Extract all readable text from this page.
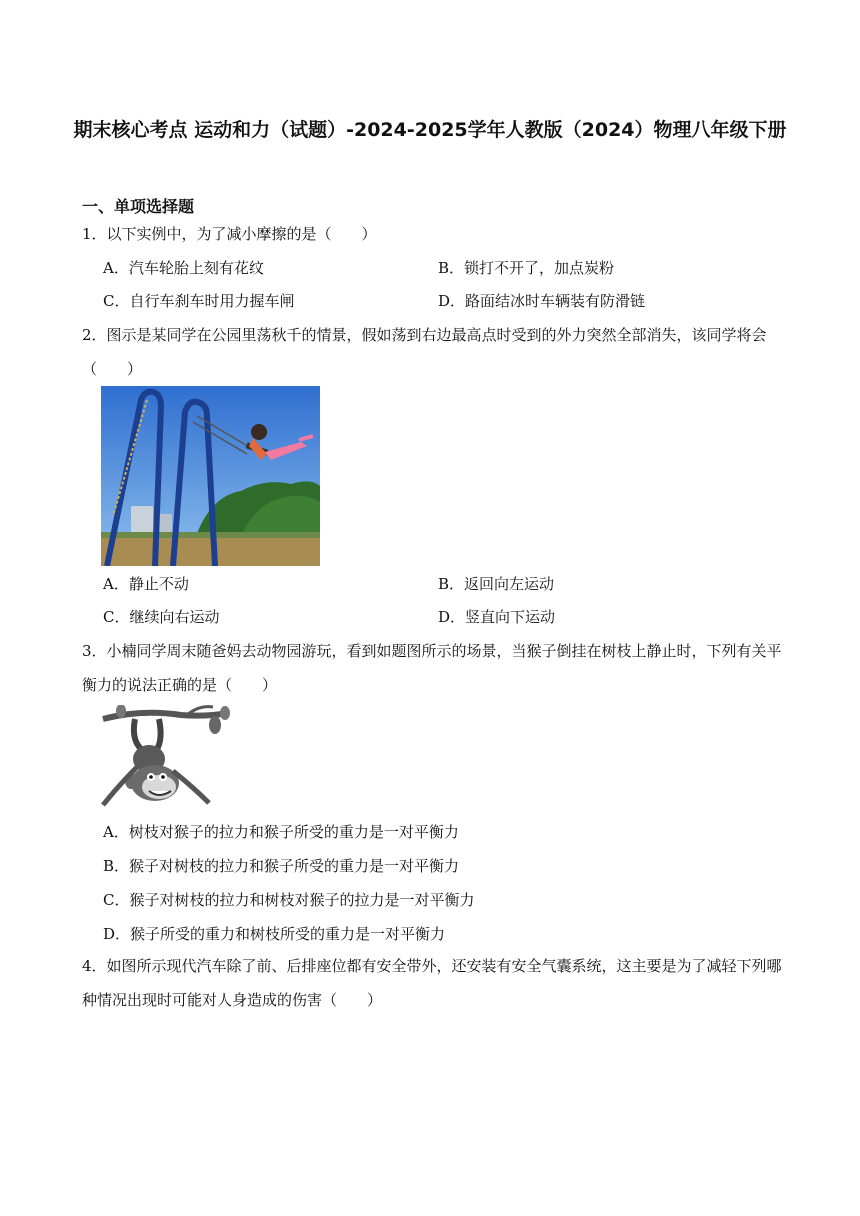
期末核心考点 运动和力（试题）-2024-2025学年人教版（2024）物理八年级下册
一、单项选择题
1．以下实例中，为了减小摩擦的是（　　）
A．汽车轮胎上刻有花纹	B．锁打不开了，加点炭粉
C．自行车刹车时用力握车闸	D．路面结冰时车辆装有防滑链
2．图示是某同学在公园里荡秋千的情景，假如荡到右边最高点时受到的外力突然全部消失，该同学将会（　　）
A．静止不动	B．返回向左运动
C．继续向右运动	D．竖直向下运动
3．小楠同学周末随爸妈去动物园游玩，看到如题图所示的场景，当猴子倒挂在树枝上静止时，下列有关平衡力的说法正确的是（　　）
A．树枝对猴子的拉力和猴子所受的重力是一对平衡力
B．猴子对树枝的拉力和猴子所受的重力是一对平衡力
C．猴子对树枝的拉力和树枝对猴子的拉力是一对平衡力
D．猴子所受的重力和树枝所受的重力是一对平衡力
4．如图所示现代汽车除了前、后排座位都有安全带外，还安装有安全气囊系统，这主要是为了减轻下列哪种情况出现时可能对人身造成的伤害（　　）
